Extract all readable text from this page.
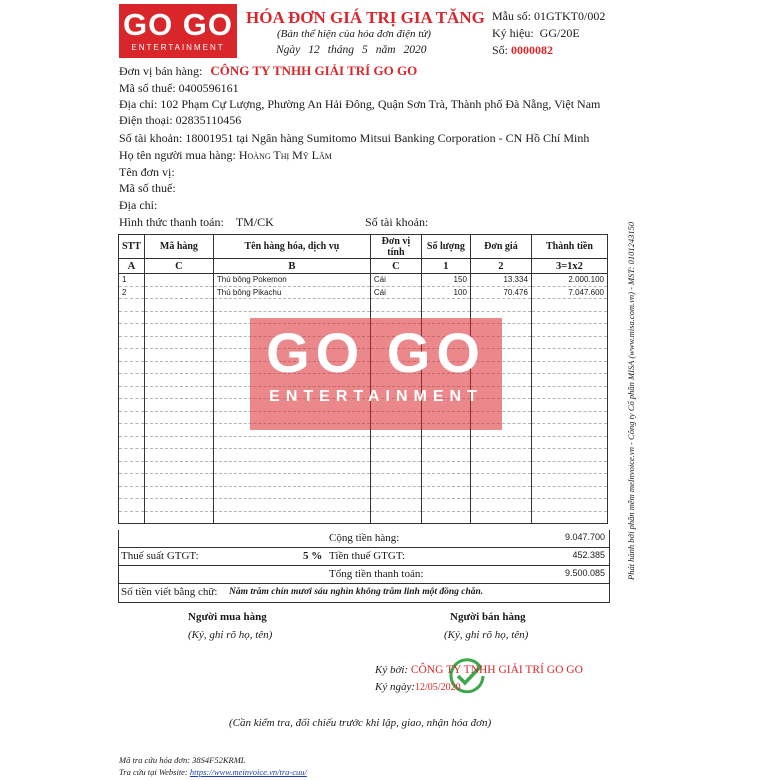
GO GO
ENTERTAINMENT
HÓA ĐƠN GIÁ TRỊ GIA TĂNG
(Bản thể hiện của hóa đơn điện tử)
Ngày 12 tháng 5 năm 2020
Mẫu số: 01GTKT0/002
Ký hiệu: GG/20E
Số: 0000082
Đơn vị bán hàng: CÔNG TY TNHH GIẢI TRÍ GO GO
Mã số thuế: 0400596161
Địa chỉ: 102 Phạm Cự Lượng, Phường An Hải Đông, Quận Sơn Trà, Thành phố Đà Nẵng, Việt Nam
Điện thoại: 02835110456
Số tài khoản: 18001951 tại Ngân hàng Sumitomo Mitsui Banking Corporation - CN Hồ Chí Minh
Họ tên người mua hàng: Hoàng Thị Mỹ Lâm
Tên đơn vị:
Mã số thuế:
Địa chỉ:
Hình thức thanh toán: TM/CK	Số tài khoản:
STT	Mã hàng	Tên hàng hóa, dịch vụ	Đơn vị tính	Số lượng	Đơn giá	Thành tiền
A	C	B	C	1	2	3=1x2
1		Thú bông Pokemon	Cái	150	13.334	2.000.100
2		Thú bông Pikachu	Cái	100	70.476	7.047.600

GO GO
ENTERTAINMENT
Cộng tiền hàng:	9.047.700
Thuế suất GTGT:	5 % Tiền thuế GTGT:	452.385
Tổng tiền thanh toán:	9.500.085
Số tiền viết bằng chữ: Năm trăm chín mươi sáu nghìn không trăm linh một đồng chẵn.
Người mua hàng
(Ký, ghi rõ họ, tên)
Người bán hàng
(Ký, ghi rõ họ, tên)
Ký bởi: CÔNG TY TNHH GIẢI TRÍ GO GO
Ký ngày:12/05/2020
(Cần kiểm tra, đối chiếu trước khi lập, giao, nhận hóa đơn)
Mã tra cứu hóa đơn: 38S4F52KRML
Tra cứu tại Website: https://www.meinvoice.vn/tra-cuu/
Phát hành bởi phần mềm meInvoice.vn - Công ty Cổ phần MISA (www.misa.com.vn) - MST: 0101243150
